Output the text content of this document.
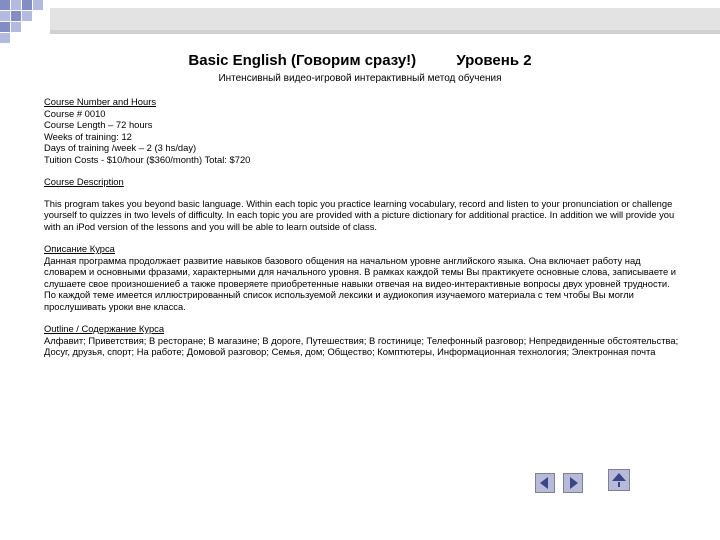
Basic English (Говорим сразу!)	Уровень 2
Интенсивный видео-игровой интерактивный метод обучения

Course Number and Hours

Course # 0010

Course Length – 72 hours

Weeks of training: 12

Days of training /week – 2 (3 hs/day)

Tuition Costs - $10/hour ($360/month) Total: $720

Course Description

This program takes you beyond basic language. Within each topic you practice learning vocabulary, record and listen to your pronunciation or challenge yourself to quizzes in two levels of difficulty. In each topic you are provided with a picture dictionary for additional practice. In addition we will provide you with an iPod version of the lessons and you will be able to learn outside of class.

Описание Курса

Данная программа продолжает развитие навыков базового общения на начальном уровне английского языка. Она включает работу над словарем и основными фразами, характерными для начального уровня. В рамках каждой темы Вы практикуете основные слова, записываете и слушаете свое произношениеб а также проверяете приобретенные навыки отвечая на видео-интерактивные вопросы двух уровней трудности. По каждой теме имеется иллюстрированный список используемой лексики и аудиокопия изучаемого материала с тем чтобы Вы могли прослушивать уроки вне класса.

Outline / Содержание Курса

Алфавит; Приветствия; В ресторане; В магазине; В дороге, Путешествия; В гостинице; Телефонный разговор; Непредвиденные обстоятельства; Досуг, друзья, спорт; На работе; Домовой разговор; Семья, дом; Общество; Комптютеры, Информационная технология; Электронная почта
